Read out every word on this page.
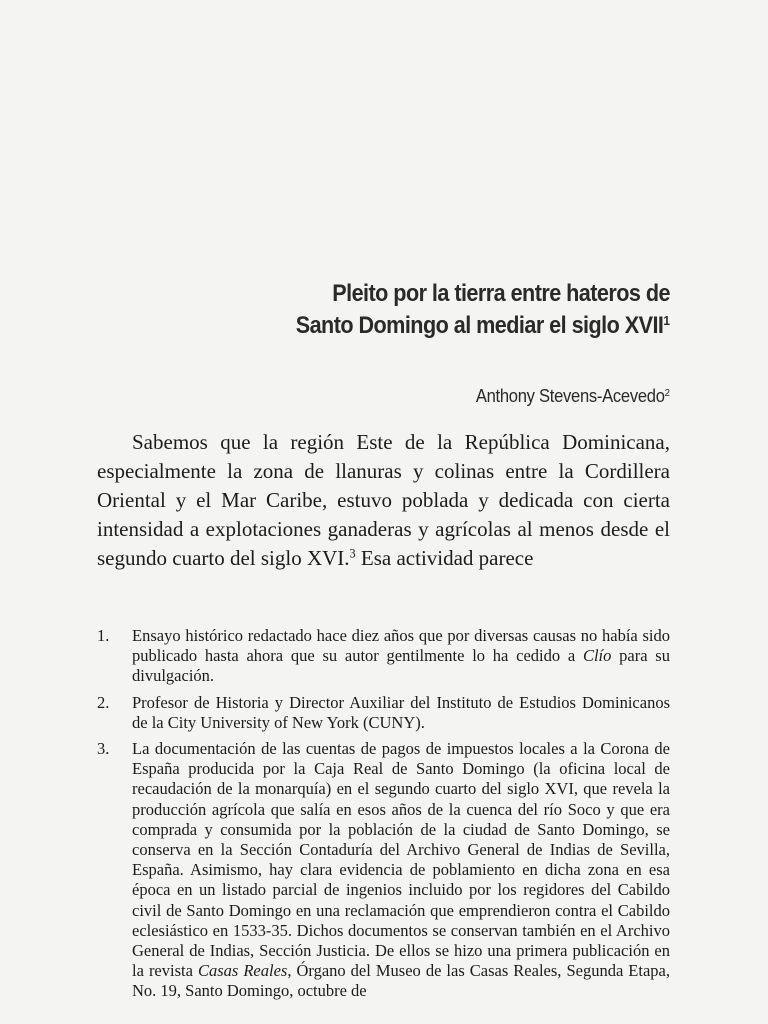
Pleito por la tierra entre hateros de
Santo Domingo al mediar el siglo XVII$^1$
Anthony Stevens-Acevedo$^2$

Sabemos que la región Este de la República Dominicana, especialmente la zona de llanuras y colinas entre la Cordillera Oriental y el Mar Caribe, estuvo poblada y dedicada con cierta intensidad a explotaciones ganaderas y agrícolas al menos desde el segundo cuarto del siglo XVI.$^3$ Esa actividad parece

1.	Ensayo histórico redactado hace diez años que por diversas causas no había sido publicado hasta ahora que su autor gentilmente lo ha cedido a Clío para su divulgación.
2.	Profesor de Historia y Director Auxiliar del Instituto de Estudios Dominicanos de la City University of New York (CUNY).
3.	La documentación de las cuentas de pagos de impuestos locales a la Corona de España producida por la Caja Real de Santo Domingo (la oficina local de recaudación de la monarquía) en el segundo cuarto del siglo XVI, que revela la producción agrícola que salía en esos años de la cuenca del río Soco y que era comprada y consumida por la población de la ciudad de Santo Domingo, se conserva en la Sección Contaduría del Archivo General de Indias de Sevilla, España. Asimismo, hay clara evidencia de poblamiento en dicha zona en esa época en un listado parcial de ingenios incluido por los regidores del Cabildo civil de Santo Domingo en una reclamación que emprendieron contra el Cabildo eclesiástico en 1533-35. Dichos documentos se conservan también en el Archivo General de Indias, Sección Justicia. De ellos se hizo una primera publicación en la revista Casas Reales, Órgano del Museo de las Casas Reales, Segunda Etapa, No. 19, Santo Domingo, octubre de
